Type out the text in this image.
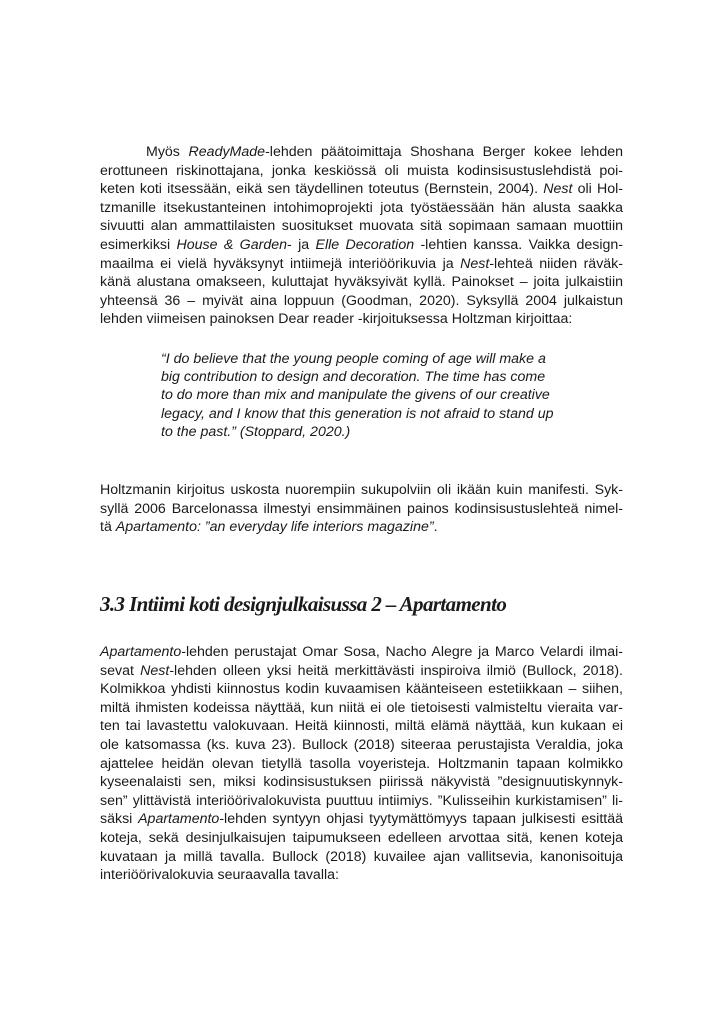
Myös ReadyMade-lehden päätoimittaja Shoshana Berger kokee lehden
erottuneen riskinottajana, jonka keskiössä oli muista kodinsisustuslehdistä poi-
keten koti itsessään, eikä sen täydellinen toteutus (Bernstein, 2004). Nest oli Hol-
tzmanille itsekustanteinen intohimoprojekti jota työstäessään hän alusta saakka
sivuutti alan ammattilaisten suositukset muovata sitä sopimaan samaan muottiin
esimerkiksi House & Garden- ja Elle Decoration -lehtien kanssa. Vaikka design-
maailma ei vielä hyväksynyt intiimejä interiöörikuvia ja Nest-lehteä niiden räväk-
känä alustana omakseen, kuluttajat hyväksyivät kyllä. Painokset – joita julkaistiin
yhteensä 36 – myivät aina loppuun (Goodman, 2020). Syksyllä 2004 julkaistun
lehden viimeisen painoksen Dear reader -kirjoituksessa Holtzman kirjoittaa:
“I do believe that the young people coming of age will make a
big contribution to design and decoration. The time has come
to do more than mix and manipulate the givens of our creative
legacy, and I know that this generation is not afraid to stand up
to the past.” (Stoppard, 2020.)
Holtzmanin kirjoitus uskosta nuorempiin sukupolviin oli ikään kuin manifesti. Syk-
syllä 2006 Barcelonassa ilmestyi ensimmäinen painos kodinsisustuslehteä nimel-
tä Apartamento: ”an everyday life interiors magazine”.
3.3 Intiimi koti designjulkaisussa 2 – Apartamento
Apartamento-lehden perustajat Omar Sosa, Nacho Alegre ja Marco Velardi ilmai-
sevat Nest-lehden olleen yksi heitä merkittävästi inspiroiva ilmiö (Bullock, 2018).
Kolmikkoa yhdisti kiinnostus kodin kuvaamisen käänteiseen estetiikkaan – siihen,
miltä ihmisten kodeissa näyttää, kun niitä ei ole tietoisesti valmisteltu vieraita var-
ten tai lavastettu valokuvaan. Heitä kiinnosti, miltä elämä näyttää, kun kukaan ei
ole katsomassa (ks. kuva 23). Bullock (2018) siteeraa perustajista Veraldia, joka
ajattelee heidän olevan tietyllä tasolla voyeristeja. Holtzmanin tapaan kolmikko
kyseenalaisti sen, miksi kodinsisustuksen piirissä näkyvistä ”designuutiskynnyk-
sen” ylittävistä interiöörivalokuvista puuttuu intiimiys. ”Kulisseihin kurkistamisen” li-
säksi Apartamento-lehden syntyyn ohjasi tyytymättömyys tapaan julkisesti esittää
koteja, sekä desinjulkaisujen taipumukseen edelleen arvottaa sitä, kenen koteja
kuvataan ja millä tavalla. Bullock (2018) kuvailee ajan vallitsevia, kanonisoituja
interiöörivalokuvia seuraavalla tavalla:
